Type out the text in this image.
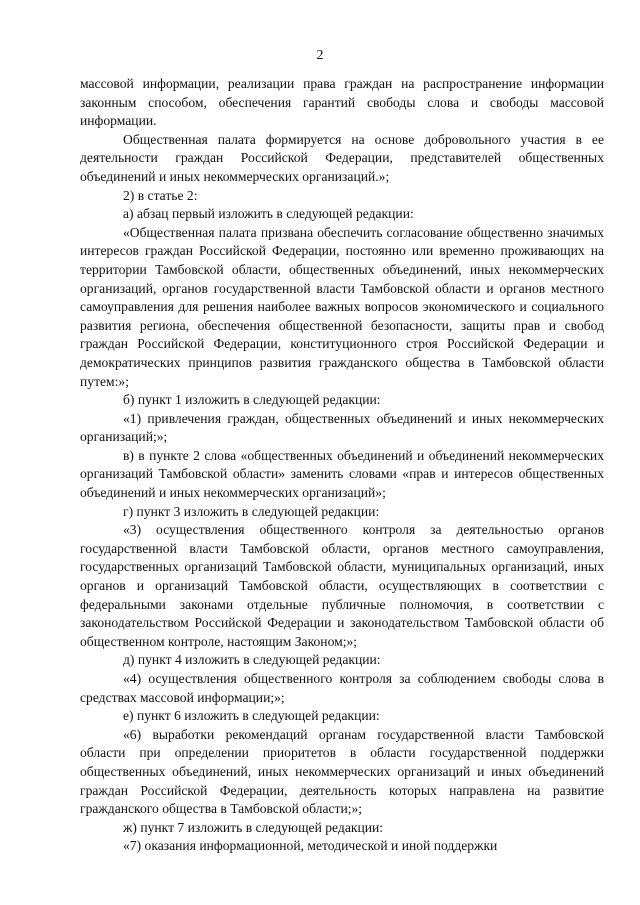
2

массовой информации, реализации права граждан на распространение информации законным способом, обеспечения гарантий свободы слова и свободы массовой информации.

Общественная палата формируется на основе добровольного участия в ее деятельности граждан Российской Федерации, представителей общественных объединений и иных некоммерческих организаций.»;

2) в статье 2:

а) абзац первый изложить в следующей редакции:

«Общественная палата призвана обеспечить согласование общественно значимых интересов граждан Российской Федерации, постоянно или временно проживающих на территории Тамбовской области, общественных объединений, иных некоммерческих организаций, органов государственной власти Тамбовской области и органов местного самоуправления для решения наиболее важных вопросов экономического и социального развития региона, обеспечения общественной безопасности, защиты прав и свобод граждан Российской Федерации, конституционного строя Российской Федерации и демократических принципов развития гражданского общества в Тамбовской области путем:»;

б) пункт 1 изложить в следующей редакции:

«1) привлечения граждан, общественных объединений и иных некоммерческих организаций;»;

в) в пункте 2 слова «общественных объединений и объединений некоммерческих организаций Тамбовской области» заменить словами «прав и интересов общественных объединений и иных некоммерческих организаций»;

г) пункт 3 изложить в следующей редакции:

«3) осуществления общественного контроля за деятельностью органов государственной власти Тамбовской области, органов местного самоуправления, государственных организаций Тамбовской области, муниципальных организаций, иных органов и организаций Тамбовской области, осуществляющих в соответствии с федеральными законами отдельные публичные полномочия, в соответствии с законодательством Российской Федерации и законодательством Тамбовской области об общественном контроле, настоящим Законом;»;

д) пункт 4 изложить в следующей редакции:

«4) осуществления общественного контроля за соблюдением свободы слова в средствах массовой информации;»;

е) пункт 6 изложить в следующей редакции:

«6) выработки рекомендаций органам государственной власти Тамбовской области при определении приоритетов в области государственной поддержки общественных объединений, иных некоммерческих организаций и иных объединений граждан Российской Федерации, деятельность которых направлена на развитие гражданского общества в Тамбовской области;»;

ж) пункт 7 изложить в следующей редакции:

«7) оказания информационной, методической и иной поддержки
